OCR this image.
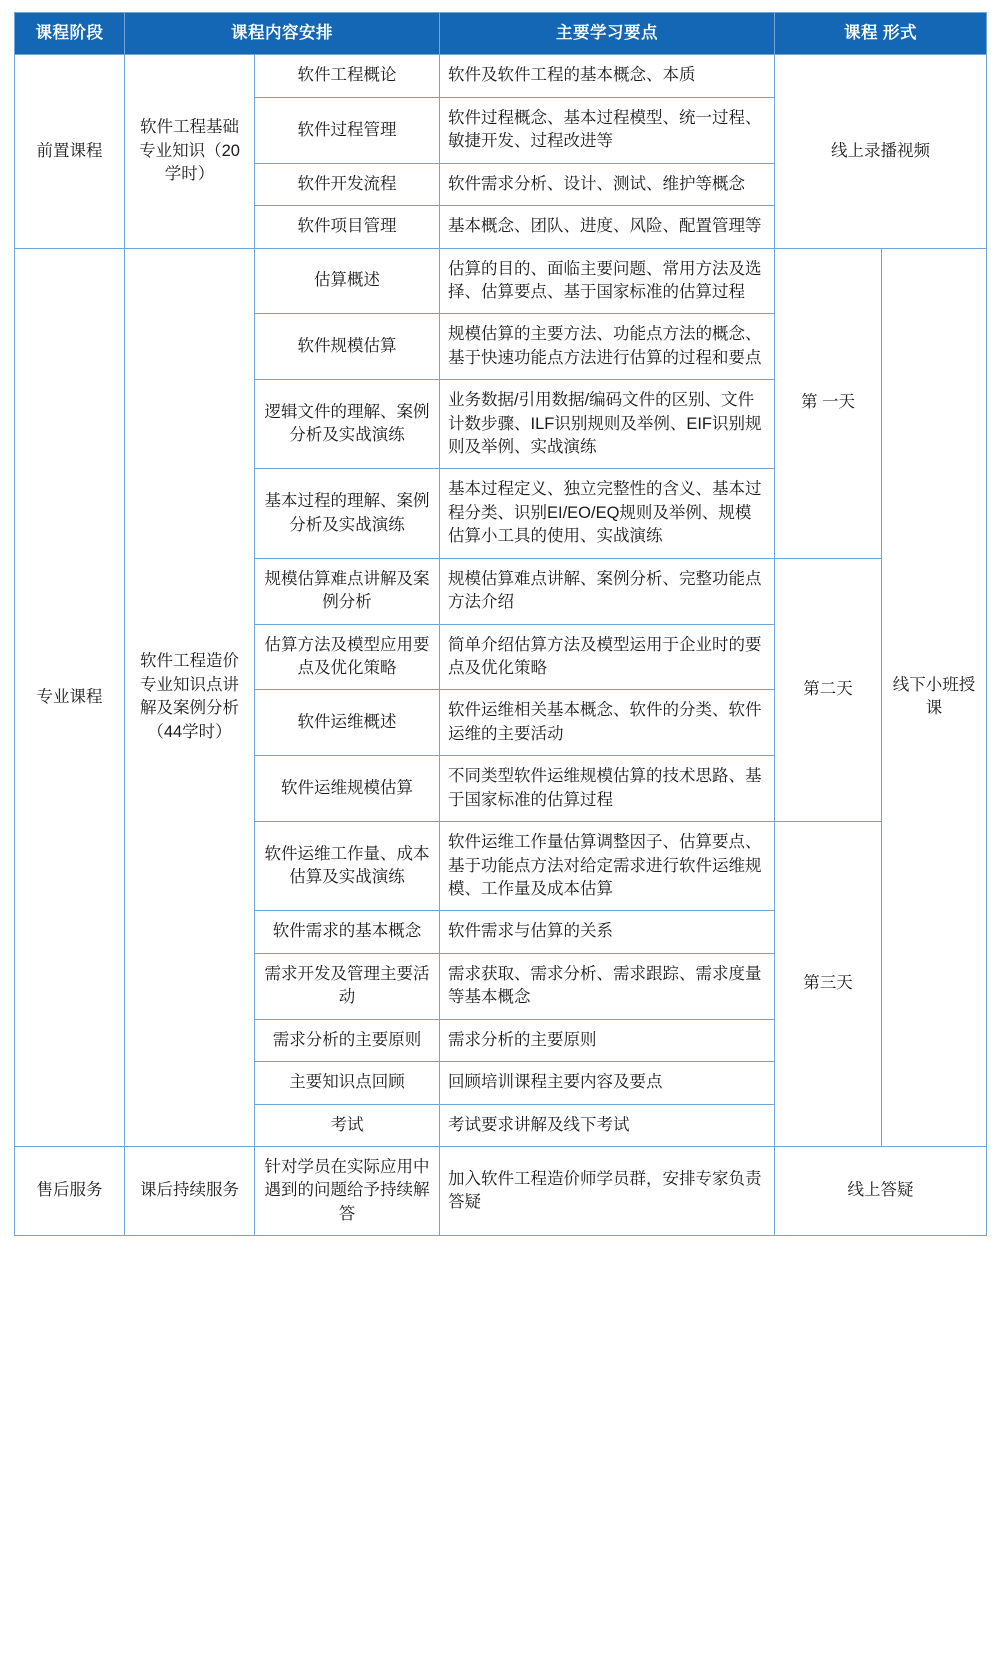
课程阶段	课程内容安排		主要学习要点	课程 形式	
前置课程	软件工程基础专业知识（20学时）	软件工程概论	软件及软件工程的基本概念、本质	线上录播视频	
		软件过程管理	软件过程概念、基本过程模型、统一过程、敏捷开发、过程改进等		
		软件开发流程	软件需求分析、设计、测试、维护等概念		
		软件项目管理	基本概念、团队、进度、风险、配置管理等		
专业课程	软件工程造价专业知识点讲解及案例分析（44学时）	估算概述	估算的目的、面临主要问题、常用方法及选择、估算要点、基于国家标准的估算过程	第 一天	线下小班授课
		软件规模估算	规模估算的主要方法、功能点方法的概念、基于快速功能点方法进行估算的过程和要点		
		逻辑文件的理解、案例分析及实战演练	业务数据/引用数据/编码文件的区别、文件计数步骤、ILF识别规则及举例、EIF识别规则及举例、实战演练		
		基本过程的理解、案例分析及实战演练	基本过程定义、独立完整性的含义、基本过程分类、识别EI/EO/EQ规则及举例、规模估算小工具的使用、实战演练		
		规模估算难点讲解及案例分析	规模估算难点讲解、案例分析、完整功能点方法介绍	第二天	
		估算方法及模型应用要点及优化策略	简单介绍估算方法及模型运用于企业时的要点及优化策略		
		软件运维概述	软件运维相关基本概念、软件的分类、软件运维的主要活动		
		软件运维规模估算	不同类型软件运维规模估算的技术思路、基于国家标准的估算过程		
		软件运维工作量、成本估算及实战演练	软件运维工作量估算调整因子、估算要点、基于功能点方法对给定需求进行软件运维规模、工作量及成本估算	第三天	
		软件需求的基本概念	软件需求与估算的关系		
		需求开发及管理主要活动	需求获取、需求分析、需求跟踪、需求度量等基本概念		
		需求分析的主要原则	需求分析的主要原则		
		主要知识点回顾	回顾培训课程主要内容及要点		
		考试	考试要求讲解及线下考试		
售后服务	课后持续服务	针对学员在实际应用中遇到的问题给予持续解答	加入软件工程造价师学员群，安排专家负责答疑	线上答疑	
